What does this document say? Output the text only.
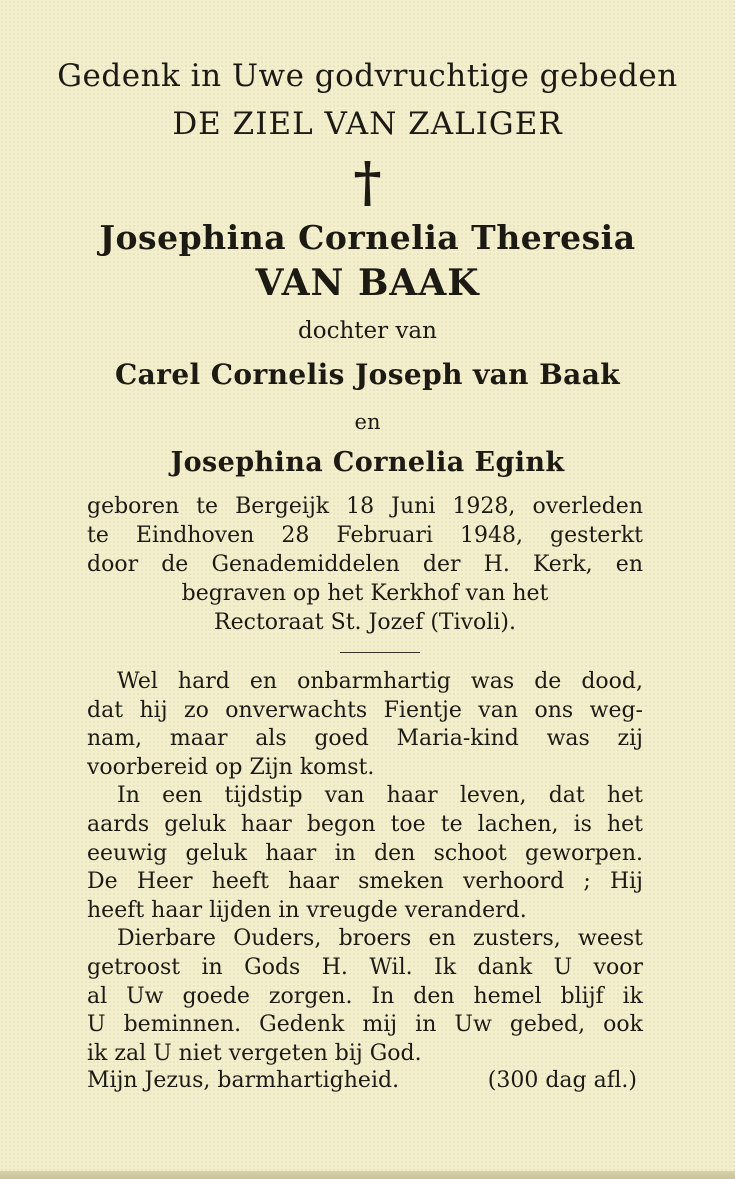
Gedenk in Uwe godvruchtige gebeden
DE ZIEL VAN ZALIGER
†
Josephina Cornelia Theresia
VAN BAAK
dochter van
Carel Cornelis Joseph van Baak
en
Josephina Cornelia Egink
geboren te Bergeijk 18 Juni 1928, overleden
te Eindhoven 28 Februari 1948, gesterkt
door de Genademiddelen der H. Kerk, en
begraven op het Kerkhof van het
Rectoraat St. Jozef (Tivoli).
Wel hard en onbarmhartig was de dood,
dat hij zo onverwachts Fientje van ons weg-
nam, maar als goed Maria-kind was zij
voorbereid op Zijn komst.
In een tijdstip van haar leven, dat het
aards geluk haar begon toe te lachen, is het
eeuwig geluk haar in den schoot geworpen.
De Heer heeft haar smeken verhoord ; Hij
heeft haar lijden in vreugde veranderd.
Dierbare Ouders, broers en zusters, weest
getroost in Gods H. Wil. Ik dank U voor
al Uw goede zorgen. In den hemel blijf ik
U beminnen. Gedenk mij in Uw gebed, ook
ik zal U niet vergeten bij God.
Mijn Jezus, barmhartigheid.	(300 dag afl.)
